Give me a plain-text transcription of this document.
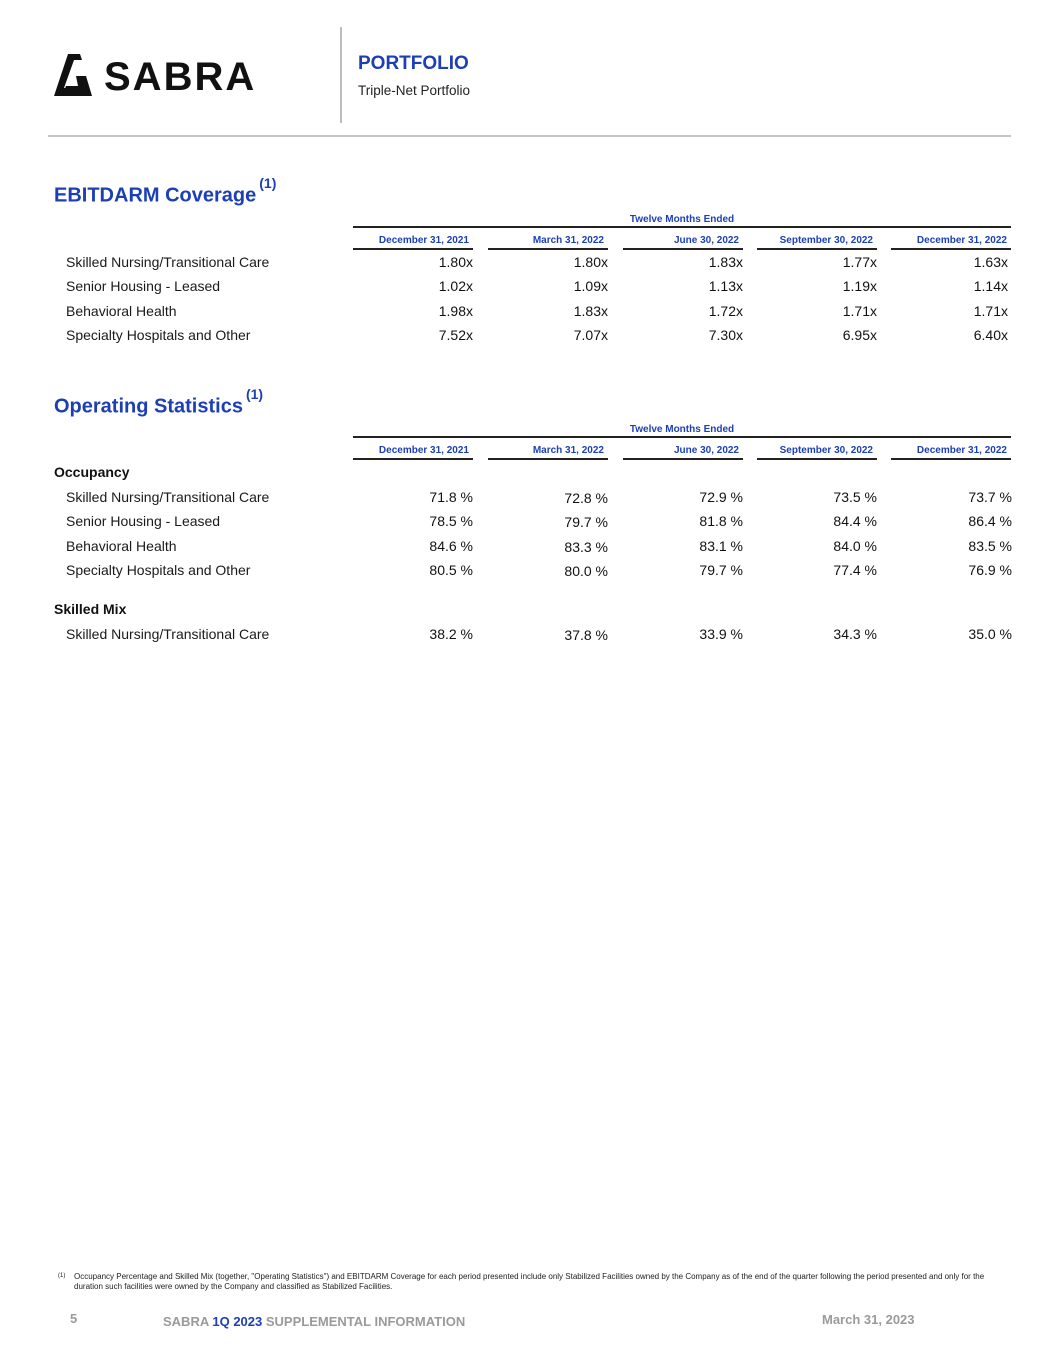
SABRA	PORTFOLIO
Triple-Net Portfolio
EBITDARM Coverage$^{(1)}$
Twelve Months Ended
December 31, 2021	March 31, 2022	June 30, 2022	September 30, 2022	December 31, 2022
Skilled Nursing/Transitional Care	1.80x	1.80x	1.83x	1.77x	1.63x
Senior Housing - Leased	1.02x	1.09x	1.13x	1.19x	1.14x
Behavioral Health	1.98x	1.83x	1.72x	1.71x	1.71x
Specialty Hospitals and Other	7.52x	7.07x	7.30x	6.95x	6.40x
Operating Statistics$^{(1)}$
Twelve Months Ended
December 31, 2021	March 31, 2022	June 30, 2022	September 30, 2022	December 31, 2022
Occupancy
Skilled Nursing/Transitional Care	71.8 %	72.8 %	72.9 %	73.5 %	73.7 %
Senior Housing - Leased	78.5 %	79.7 %	81.8 %	84.4 %	86.4 %
Behavioral Health	84.6 %	83.3 %	83.1 %	84.0 %	83.5 %
Specialty Hospitals and Other	80.5 %	80.0 %	79.7 %	77.4 %	76.9 %
Skilled Mix
Skilled Nursing/Transitional Care	38.2 %	37.8 %	33.9 %	34.3 %	35.0 %
(1) Occupancy Percentage and Skilled Mix (together, "Operating Statistics") and EBITDARM Coverage for each period presented include only Stabilized Facilities owned by the Company as of the end of the quarter following the period presented and only for the duration such facilities were owned by the Company and classified as Stabilized Facilities.
5	SABRA 1Q 2023 SUPPLEMENTAL INFORMATION	March 31, 2023
